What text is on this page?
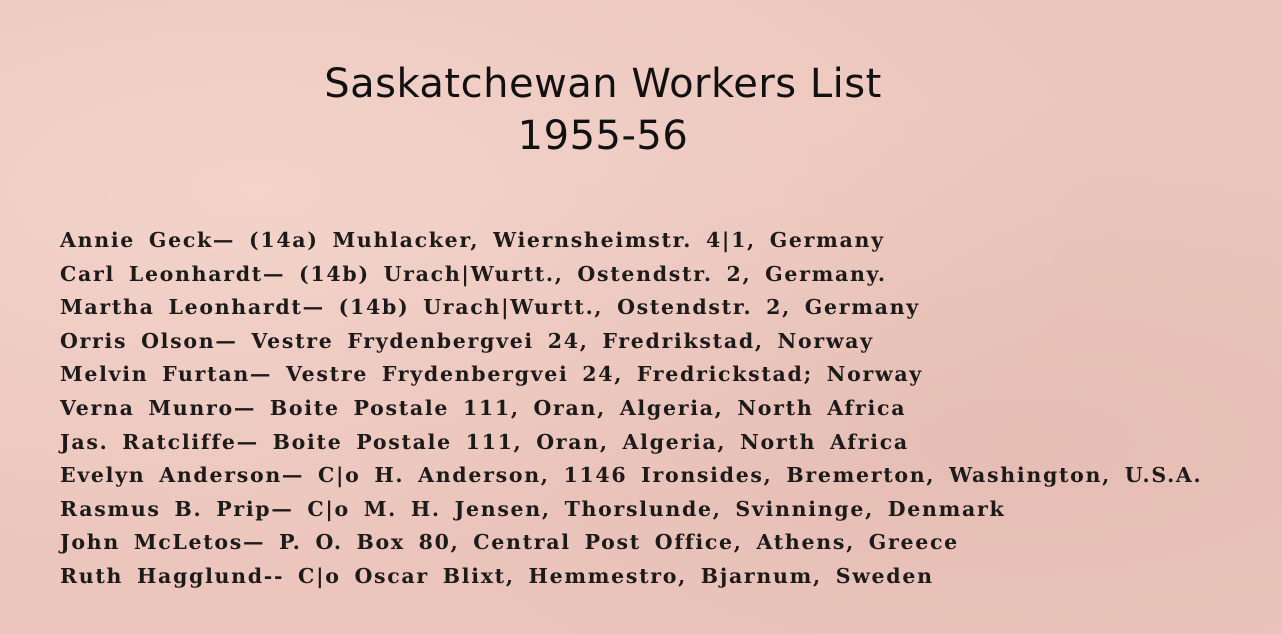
Saskatchewan Workers List
1955-56
Annie Geck— (14a) Muhlacker, Wiernsheimstr. 4|1, Germany
Carl Leonhardt— (14b) Urach|Wurtt., Ostendstr. 2, Germany.
Martha Leonhardt— (14b) Urach|Wurtt., Ostendstr. 2, Germany
Orris Olson— Vestre Frydenbergvei 24, Fredrikstad, Norway
Melvin Furtan— Vestre Frydenbergvei 24, Fredrickstad; Norway
Verna Munro— Boite Postale 111, Oran, Algeria, North Africa
Jas. Ratcliffe— Boite Postale 111, Oran, Algeria, North Africa
Evelyn Anderson— C|o H. Anderson, 1146 Ironsides, Bremerton, Washington, U.S.A.
Rasmus B. Prip— C|o M. H. Jensen, Thorslunde, Svinninge, Denmark
John McLetos— P. O. Box 80, Central Post Office, Athens, Greece
Ruth Hagglund-- C|o Oscar Blixt, Hemmestro, Bjarnum, Sweden
